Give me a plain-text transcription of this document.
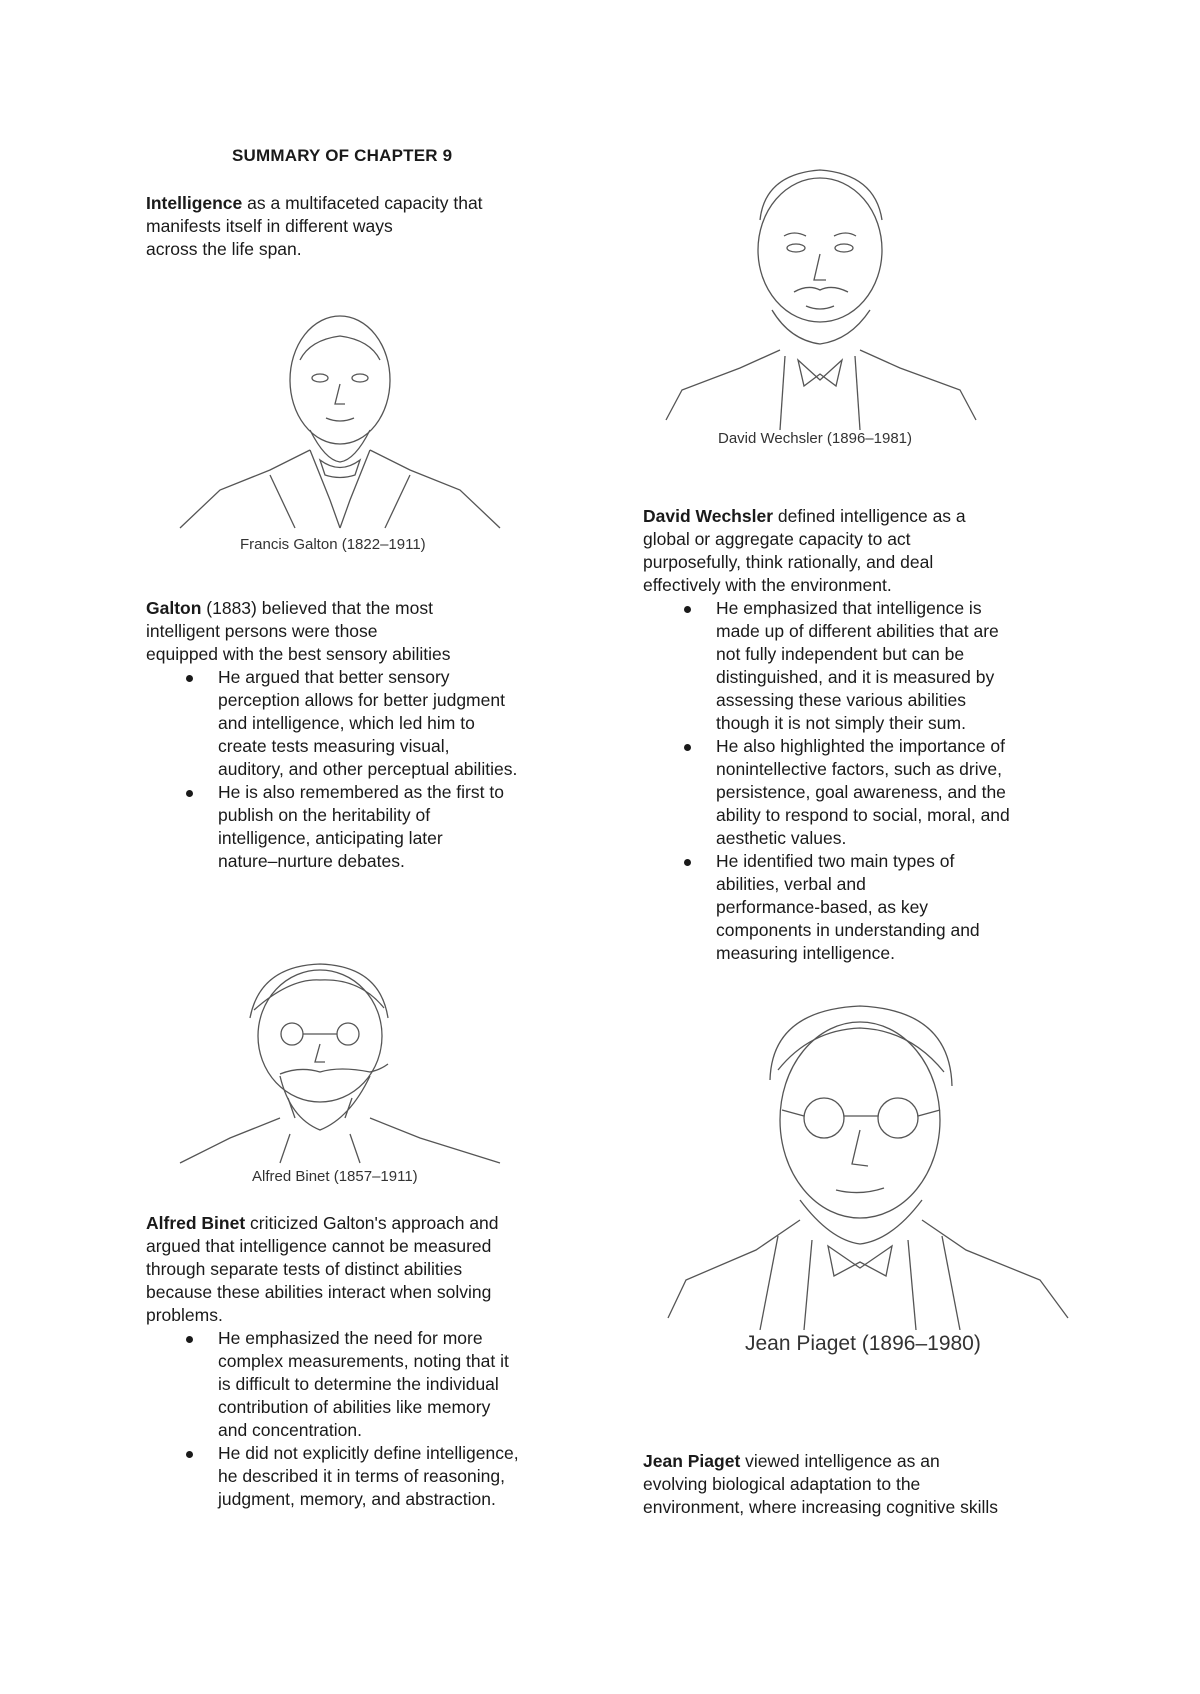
SUMMARY OF CHAPTER 9
Intelligence as a multifaceted capacity that
manifests itself in different ways
across the life span.
Francis Galton (1822–1911)
Galton (1883) believed that the most
intelligent persons were those
equipped with the best sensory abilities
He argued that better sensory
perception allows for better judgment
and intelligence, which led him to
create tests measuring visual,
auditory, and other perceptual abilities.
He is also remembered as the first to
publish on the heritability of
intelligence, anticipating later
nature–nurture debates.
Alfred Binet (1857–1911)
Alfred Binet criticized Galton's approach and
argued that intelligence cannot be measured
through separate tests of distinct abilities
because these abilities interact when solving
problems.
He emphasized the need for more
complex measurements, noting that it
is difficult to determine the individual
contribution of abilities like memory
and concentration.
He did not explicitly define intelligence,
he described it in terms of reasoning,
judgment, memory, and abstraction.
David Wechsler (1896–1981)
David Wechsler defined intelligence as a
global or aggregate capacity to act
purposefully, think rationally, and deal
effectively with the environment.
He emphasized that intelligence is
made up of different abilities that are
not fully independent but can be
distinguished, and it is measured by
assessing these various abilities
though it is not simply their sum.
He also highlighted the importance of
nonintellective factors, such as drive,
persistence, goal awareness, and the
ability to respond to social, moral, and
aesthetic values.
He identified two main types of
abilities, verbal and
performance-based, as key
components in understanding and
measuring intelligence.
Jean Piaget (1896–1980)
Jean Piaget viewed intelligence as an
evolving biological adaptation to the
environment, where increasing cognitive skills
